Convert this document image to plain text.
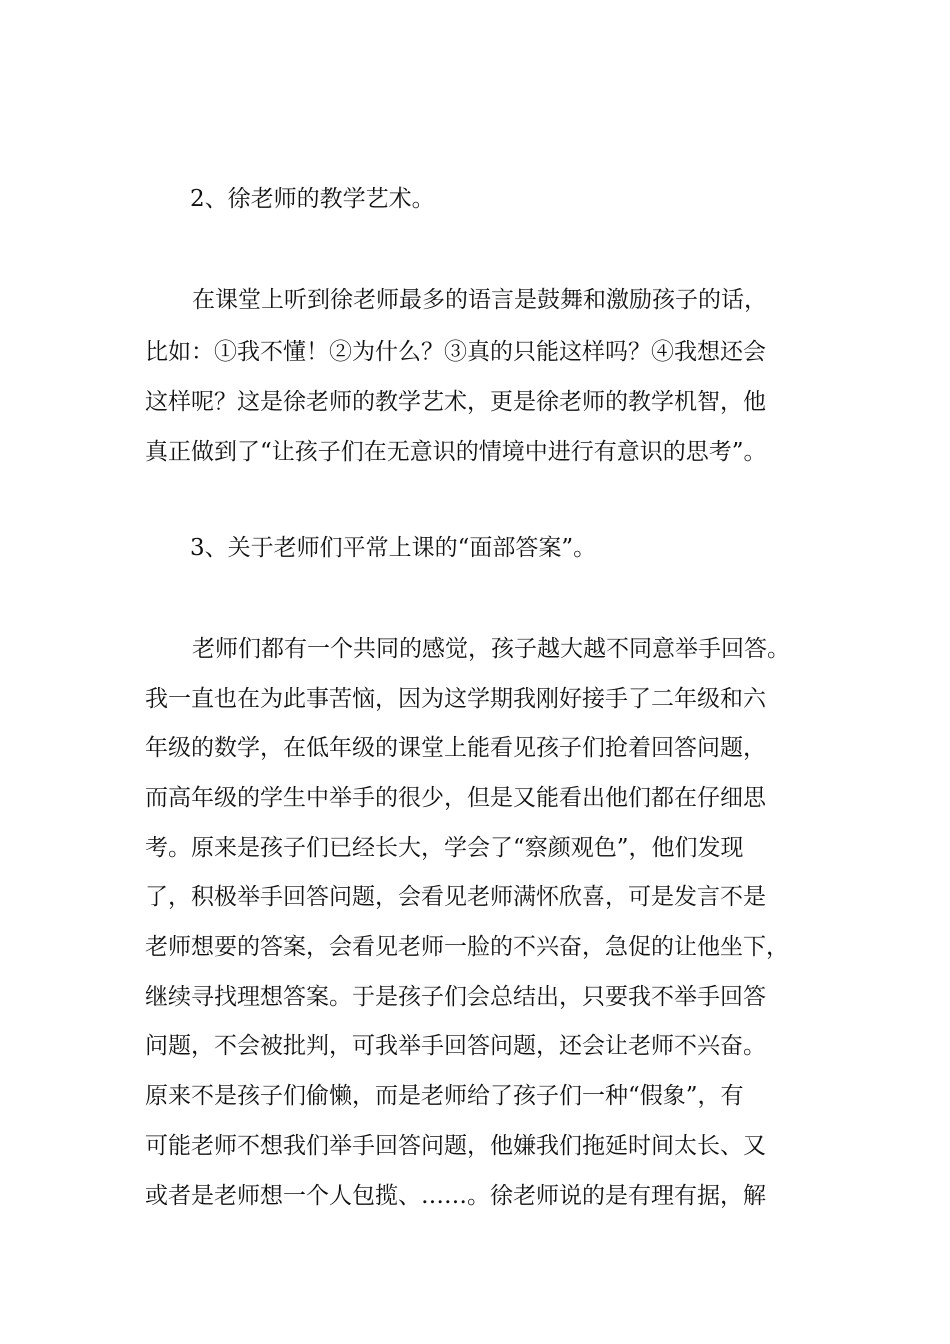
2、徐老师的教学艺术。
在课堂上听到徐老师最多的语言是鼓舞和激励孩子的话，
比如：①我不懂！②为什么？③真的只能这样吗？④我想还会
这样呢？这是徐老师的教学艺术，更是徐老师的教学机智，他
真正做到了“让孩子们在无意识的情境中进行有意识的思考”。
3、关于老师们平常上课的“面部答案”。
老师们都有一个共同的感觉，孩子越大越不同意举手回答。
我一直也在为此事苦恼，因为这学期我刚好接手了二年级和六
年级的数学，在低年级的课堂上能看见孩子们抢着回答问题，
而高年级的学生中举手的很少，但是又能看出他们都在仔细思
考。原来是孩子们已经长大，学会了“察颜观色”，他们发现
了，积极举手回答问题，会看见老师满怀欣喜，可是发言不是
老师想要的答案，会看见老师一脸的不兴奋，急促的让他坐下，
继续寻找理想答案。于是孩子们会总结出，只要我不举手回答
问题，不会被批判，可我举手回答问题，还会让老师不兴奋。
原来不是孩子们偷懒，而是老师给了孩子们一种“假象”，有
可能老师不想我们举手回答问题，他嫌我们拖延时间太长、又
或者是老师想一个人包揽、……。徐老师说的是有理有据，解
